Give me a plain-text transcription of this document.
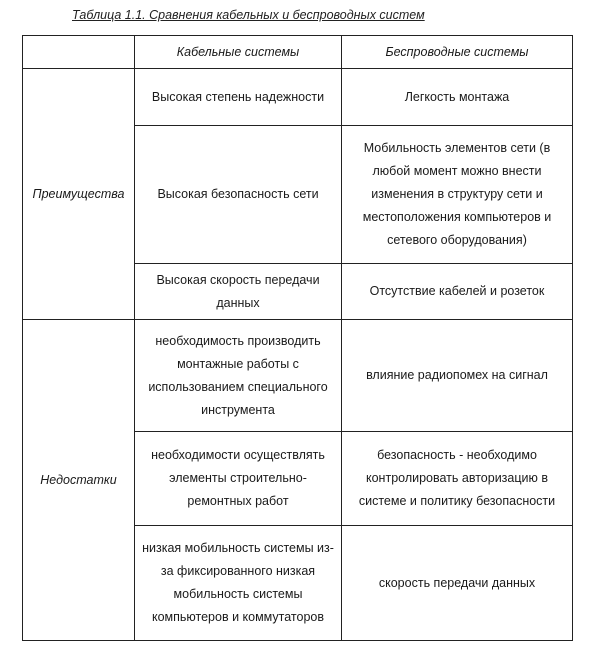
Таблица 1.1. Сравнения кабельных и беспроводных систем
	Кабельные системы	Беспроводные системы
Преимущества	Высокая степень надежности	Легкость монтажа
	Высокая безопасность сети	Мобильность элементов сети (в любой момент можно внести изменения в структуру сети и местоположения компьютеров и сетевого оборудования)
	Высокая скорость передачи данных	Отсутствие кабелей и розеток
Недостатки	необходимость производить монтажные работы с использованием специального инструмента	влияние радиопомех на сигнал
	необходимости осуществлять элементы строительно-ремонтных работ	безопасность - необходимо контролировать авторизацию в системе и политику безопасности
	низкая мобильность системы из-за фиксированного низкая мобильность системы компьютеров и коммутаторов	скорость передачи данных
